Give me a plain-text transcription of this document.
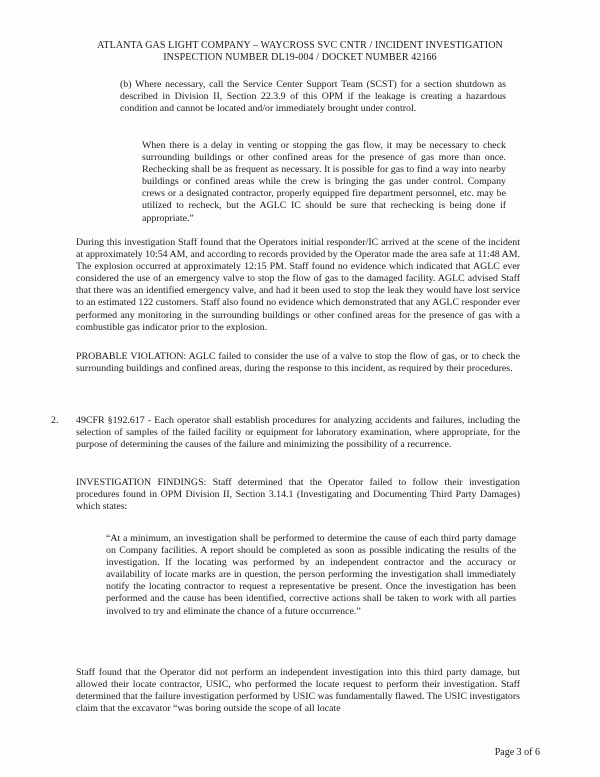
ATLANTA GAS LIGHT COMPANY – WAYCROSS SVC CNTR / INCIDENT INVESTIGATION
INSPECTION NUMBER DL19-004 / DOCKET NUMBER 42166

(b) Where necessary, call the Service Center Support Team (SCST) for a section shutdown as described in Division II, Section 22.3.9 of this OPM if the leakage is creating a hazardous condition and cannot be located and/or immediately brought under control.

When there is a delay in venting or stopping the gas flow, it may be necessary to check surrounding buildings or other confined areas for the presence of gas more than once. Rechecking shall be as frequent as necessary. It is possible for gas to find a way into nearby buildings or confined areas while the crew is bringing the gas under control. Company crews or a designated contractor, properly equipped fire department personnel, etc. may be utilized to recheck, but the AGLC IC should be sure that rechecking is being done if appropriate.”

During this investigation Staff found that the Operators initial responder/IC arrived at the scene of the incident at approximately 10:54 AM, and according to records provided by the Operator made the area safe at 11:48 AM. The explosion occurred at approximately 12:15 PM. Staff found no evidence which indicated that AGLC ever considered the use of an emergency valve to stop the flow of gas to the damaged facility. AGLC advised Staff that there was an identified emergency valve, and had it been used to stop the leak they would have lost service to an estimated 122 customers. Staff also found no evidence which demonstrated that any AGLC responder ever performed any monitoring in the surrounding buildings or other confined areas for the presence of gas with a combustible gas indicator prior to the explosion.

PROBABLE VIOLATION: AGLC failed to consider the use of a valve to stop the flow of gas, or to check the surrounding buildings and confined areas, during the response to this incident, as required by their procedures.

2. 49CFR §192.617 - Each operator shall establish procedures for analyzing accidents and failures, including the selection of samples of the failed facility or equipment for laboratory examination, where appropriate, for the purpose of determining the causes of the failure and minimizing the possibility of a recurrence.

INVESTIGATION FINDINGS: Staff determined that the Operator failed to follow their investigation procedures found in OPM Division II, Section 3.14.1 (Investigating and Documenting Third Party Damages) which states:

“At a minimum, an investigation shall be performed to determine the cause of each third party damage on Company facilities. A report should be completed as soon as possible indicating the results of the investigation. If the locating was performed by an independent contractor and the accuracy or availability of locate marks are in question, the person performing the investigation shall immediately notify the locating contractor to request a representative be present. Once the investigation has been performed and the cause has been identified, corrective actions shall be taken to work with all parties involved to try and eliminate the chance of a future occurrence.”

Staff found that the Operator did not perform an independent investigation into this third party damage, but allowed their locate contractor, USIC, who performed the locate request to perform their investigation. Staff determined that the failure investigation performed by USIC was fundamentally flawed. The USIC investigators claim that the excavator “was boring outside the scope of all locate

Page 3 of 6
